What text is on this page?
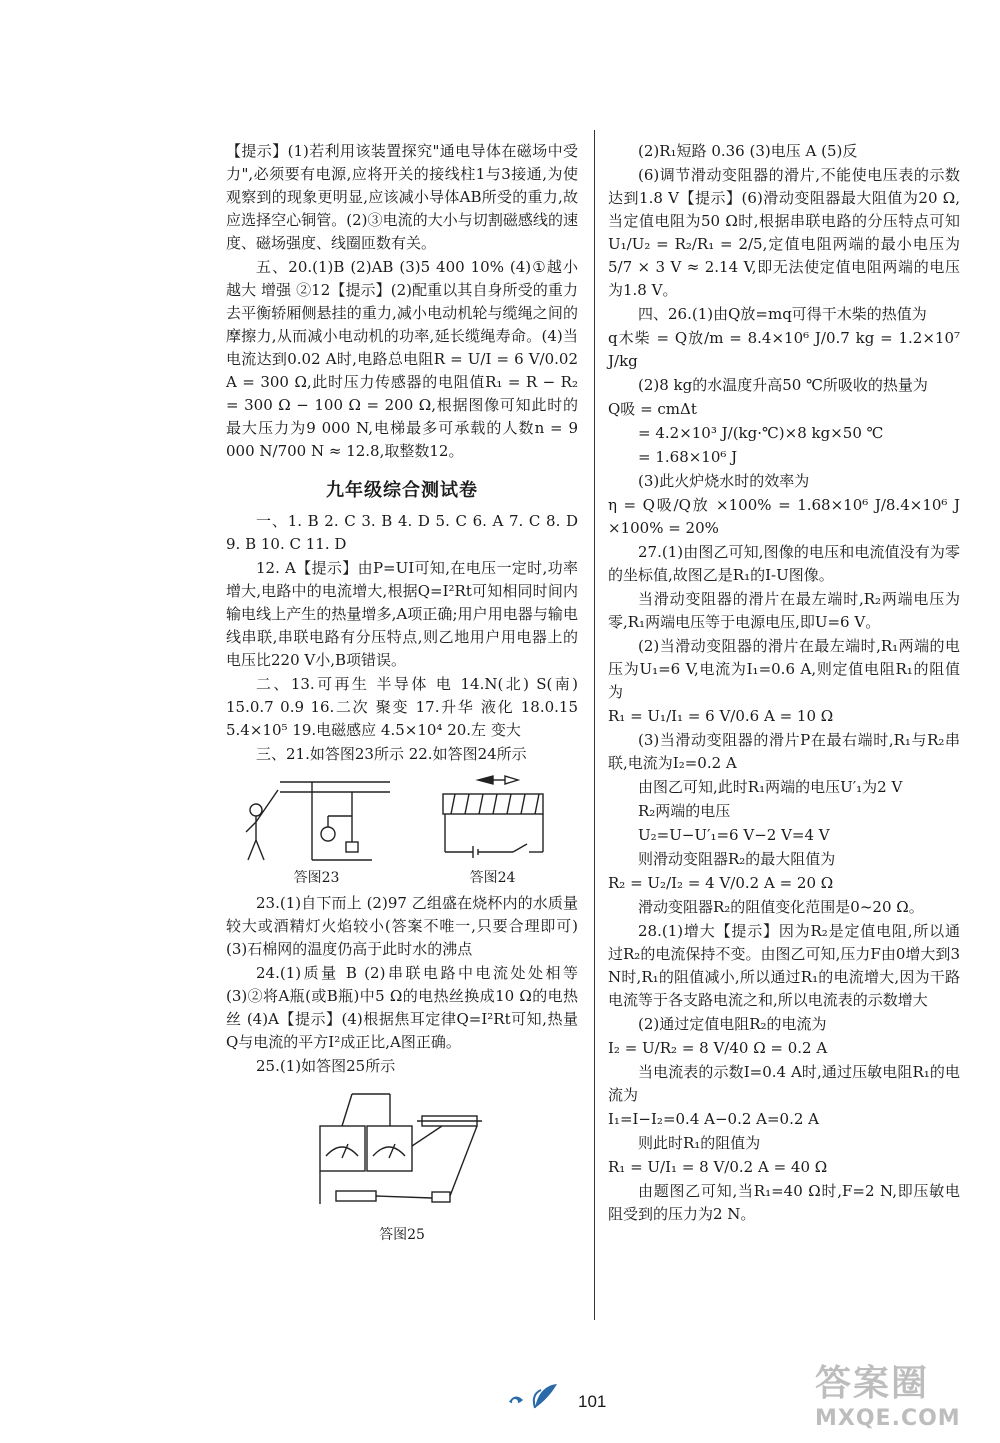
【提示】(1)若利用该装置探究"通电导体在磁场中受力",必须要有电源,应将开关的接线柱1与3接通,为使观察到的现象更明显,应该减小导体AB所受的重力,故应选择空心铜管。(2)③电流的大小与切割磁感线的速度、磁场强度、线圈匝数有关。

五、20.(1)B (2)AB (3)5 400 10% (4)①越小 越大 增强 ②12【提示】(2)配重以其自身所受的重力去平衡轿厢侧悬挂的重力,减小电动机轮与缆绳之间的摩擦力,从而减小电动机的功率,延长缆绳寿命。(4)当电流达到0.02 A时,电路总电阻R = U/I = 6 V/0.02 A = 300 Ω,此时压力传感器的电阻值R₁ = R − R₂ = 300 Ω − 100 Ω = 200 Ω,根据图像可知此时的最大压力为9 000 N,电梯最多可承载的人数n = 9 000 N/700 N ≈ 12.8,取整数12。

九年级综合测试卷

一、1. B 2. C 3. B 4. D 5. C 6. A 7. C 8. D 9. B 10. C 11. D

12. A【提示】由P=UI可知,在电压一定时,功率增大,电路中的电流增大,根据Q=I²Rt可知相同时间内输电线上产生的热量增多,A项正确;用户用电器与输电线串联,串联电路有分压特点,则乙地用户用电器上的电压比220 V小,B项错误。

二、13.可再生 半导体 电 14.N(北) S(南) 15.0.7 0.9 16.二次 聚变 17.升华 液化 18.0.15 5.4×10⁵ 19.电磁感应 4.5×10⁴ 20.左 变大

三、21.如答图23所示 22.如答图24所示

答图23	答图24

23.(1)自下而上 (2)97 乙组盛在烧杯内的水质量较大或酒精灯火焰较小(答案不唯一,只要合理即可) (3)石棉网的温度仍高于此时水的沸点

24.(1)质量 B (2)串联电路中电流处处相等 (3)②将A瓶(或B瓶)中5 Ω的电热丝换成10 Ω的电热丝 (4)A【提示】(4)根据焦耳定律Q=I²Rt可知,热量Q与电流的平方I²成正比,A图正确。

25.(1)如答图25所示

答图25

(2)R₁短路 0.36 (3)电压 A (5)反

(6)调节滑动变阻器的滑片,不能使电压表的示数达到1.8 V【提示】(6)滑动变阻器最大阻值为20 Ω,当定值电阻为50 Ω时,根据串联电路的分压特点可知U₁/U₂ = R₂/R₁ = 2/5,定值电阻两端的最小电压为 5/7 × 3 V ≈ 2.14 V,即无法使定值电阻两端的电压为1.8 V。

四、26.(1)由Q放=mq可得干木柴的热值为

q木柴 = Q放/m = 8.4×10⁶ J/0.7 kg = 1.2×10⁷ J/kg

(2)8 kg的水温度升高50 ℃所吸收的热量为

Q吸 = cmΔt

= 4.2×10³ J/(kg·℃)×8 kg×50 ℃

= 1.68×10⁶ J

(3)此火炉烧水时的效率为

η = Q吸/Q放 ×100% = 1.68×10⁶ J/8.4×10⁶ J ×100% = 20%

27.(1)由图乙可知,图像的电压和电流值没有为零的坐标值,故图乙是R₁的I-U图像。

当滑动变阻器的滑片在最左端时,R₂两端电压为零,R₁两端电压等于电源电压,即U=6 V。

(2)当滑动变阻器的滑片在最左端时,R₁两端的电压为U₁=6 V,电流为I₁=0.6 A,则定值电阻R₁的阻值为

R₁ = U₁/I₁ = 6 V/0.6 A = 10 Ω

(3)当滑动变阻器的滑片P在最右端时,R₁与R₂串联,电流为I₂=0.2 A

由图乙可知,此时R₁两端的电压U′₁为2 V

R₂两端的电压

U₂=U−U′₁=6 V−2 V=4 V

则滑动变阻器R₂的最大阻值为

R₂ = U₂/I₂ = 4 V/0.2 A = 20 Ω

滑动变阻器R₂的阻值变化范围是0~20 Ω。

28.(1)增大【提示】因为R₂是定值电阻,所以通过R₂的电流保持不变。由图乙可知,压力F由0增大到3 N时,R₁的阻值减小,所以通过R₁的电流增大,因为干路电流等于各支路电流之和,所以电流表的示数增大

(2)通过定值电阻R₂的电流为

I₂ = U/R₂ = 8 V/40 Ω = 0.2 A

当电流表的示数I=0.4 A时,通过压敏电阻R₁的电流为

I₁=I−I₂=0.4 A−0.2 A=0.2 A

则此时R₁的阻值为

R₁ = U/I₁ = 8 V/0.2 A = 40 Ω

由题图乙可知,当R₁=40 Ω时,F=2 N,即压敏电阻受到的压力为2 N。

101	答案圈
MXQE.COM
